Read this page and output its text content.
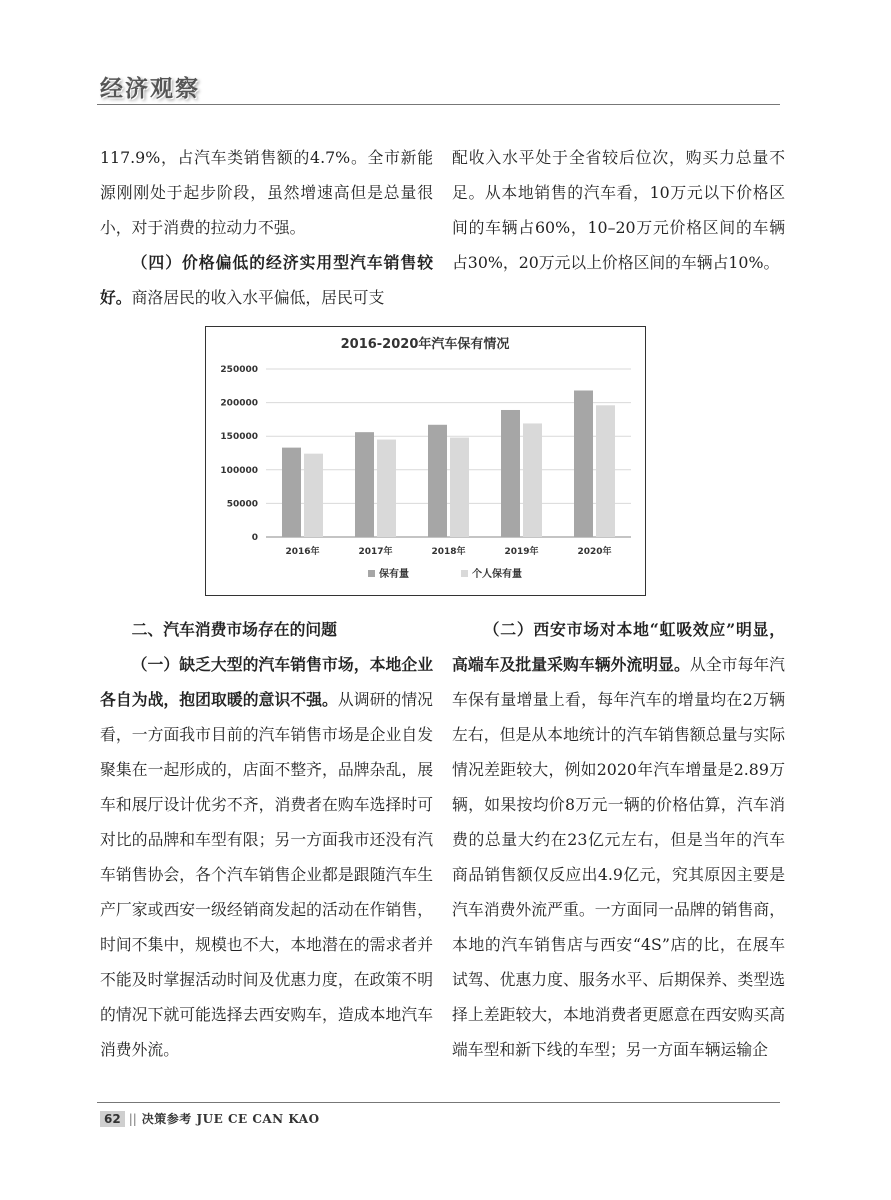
经济观察

117.9%，占汽车类销售额的4.7%。全市新能源刚刚处于起步阶段，虽然增速高但是总量很小，对于消费的拉动力不强。

（四）价格偏低的经济实用型汽车销售较好。商洛居民的收入水平偏低，居民可支

配收入水平处于全省较后位次，购买力总量不足。从本地销售的汽车看，10万元以下价格区间的车辆占60%，10–20万元价格区间的车辆占30%，20万元以上价格区间的车辆占10%。

2016-2020年汽车保有情况
2016年	2017年	2018年	2019年	2020年
0
50000
100000
150000
200000
250000
保有量	个人保有量

二、汽车消费市场存在的问题

（一）缺乏大型的汽车销售市场，本地企业各自为战，抱团取暖的意识不强。从调研的情况看，一方面我市目前的汽车销售市场是企业自发聚集在一起形成的，店面不整齐，品牌杂乱，展车和展厅设计优劣不齐，消费者在购车选择时可对比的品牌和车型有限；另一方面我市还没有汽车销售协会，各个汽车销售企业都是跟随汽车生产厂家或西安一级经销商发起的活动在作销售，时间不集中，规模也不大，本地潜在的需求者并不能及时掌握活动时间及优惠力度，在政策不明的情况下就可能选择去西安购车，造成本地汽车消费外流。

（二）西安市场对本地“虹吸效应”明显，高端车及批量采购车辆外流明显。从全市每年汽车保有量增量上看，每年汽车的增量均在2万辆左右，但是从本地统计的汽车销售额总量与实际情况差距较大，例如2020年汽车增量是2.89万辆，如果按均价8万元一辆的价格估算，汽车消费的总量大约在23亿元左右，但是当年的汽车商品销售额仅反应出4.9亿元，究其原因主要是汽车消费外流严重。一方面同一品牌的销售商，本地的汽车销售店与西安“4S”店的比，在展车试驾、优惠力度、服务水平、后期保养、类型选择上差距较大，本地消费者更愿意在西安购买高端车型和新下线的车型；另一方面车辆运输企

62 || 决策参考 JUE CE CAN KAO
